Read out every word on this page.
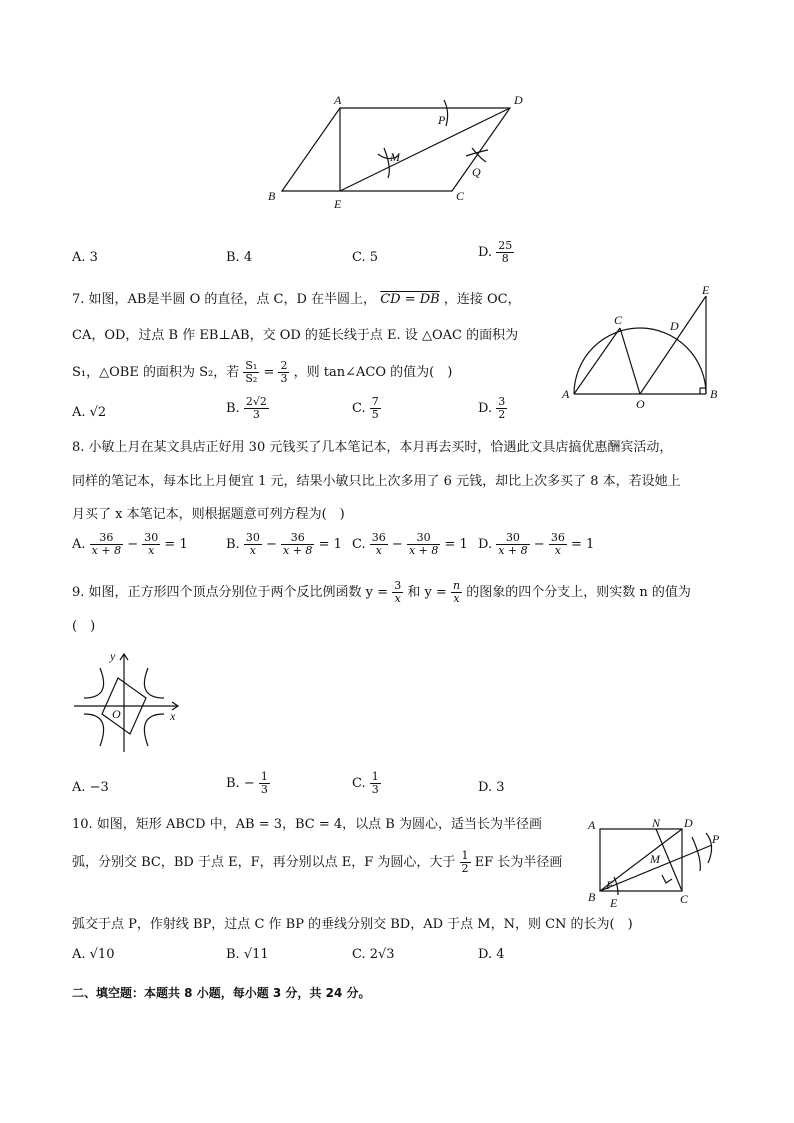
A	D
B
E
C
M
P
Q
A. 3	B. 4	C. 5	D. $\frac{25}{8}$
7. 如图，AB是半圆 O 的直径，点 C，D 在半圆上， CD = DB ，连接 OC，
CA，OD，过点 B 作 EB⊥AB，交 OD 的延长线于点 E. 设 △OAC 的面积为
S₁，△OBE 的面积为 S₂，若 $\frac{\text{S₁}}{\text{S₂}} = \frac{2}{3}$ ，则 tan∠ACO 的值为(　)
A. √2	B. $\frac{2√2}{3}$	C. $\frac{7}{5}$	D. $\frac{3}{2}$
A	B
C	D
E
O
8. 小敏上月在某文具店正好用 30 元钱买了几本笔记本，本月再去买时，恰遇此文具店搞优惠酬宾活动，
同样的笔记本，每本比上月便宜 1 元，结果小敏只比上次多用了 6 元钱，却比上次多买了 8 本，若设她上
月买了 x 本笔记本，则根据题意可列方程为(　)
A. $\frac{36}{x + 8} - \frac{30}{x} = 1$	B. $\frac{30}{x} - \frac{36}{x + 8} = 1$ C. $\frac{36}{x} - \frac{30}{x + 8} = 1$ D. $\frac{30}{x + 8} - \frac{36}{x} = 1$
9. 如图，正方形四个顶点分别位于两个反比例函数 $y = \frac{3}{x}$ 和 $y = \frac{n}{x}$ 的图象的四个分支上，则实数 n 的值为
(　)
y
x
O
A. −3	B. − $\frac{1}{3}$	C. $\frac{1}{3}$	D. 3
10. 如图，矩形 ABCD 中，AB = 3，BC = 4，以点 B 为圆心，适当长为半径画
弧，分别交 BC，BD 于点 E，F，再分别以点 E，F 为圆心，大于 $\frac{1}{2}$ EF 长为半径画
弧交于点 P，作射线 BP，过点 C 作 BP 的垂线分别交 BD，AD 于点 M，N，则 CN 的长为(　)
A	D
B	C
N
M
F
E
P
A. √10	B. √11	C. 2√3	D. 4
二、填空题：本题共 8 小题，每小题 3 分，共 24 分。
